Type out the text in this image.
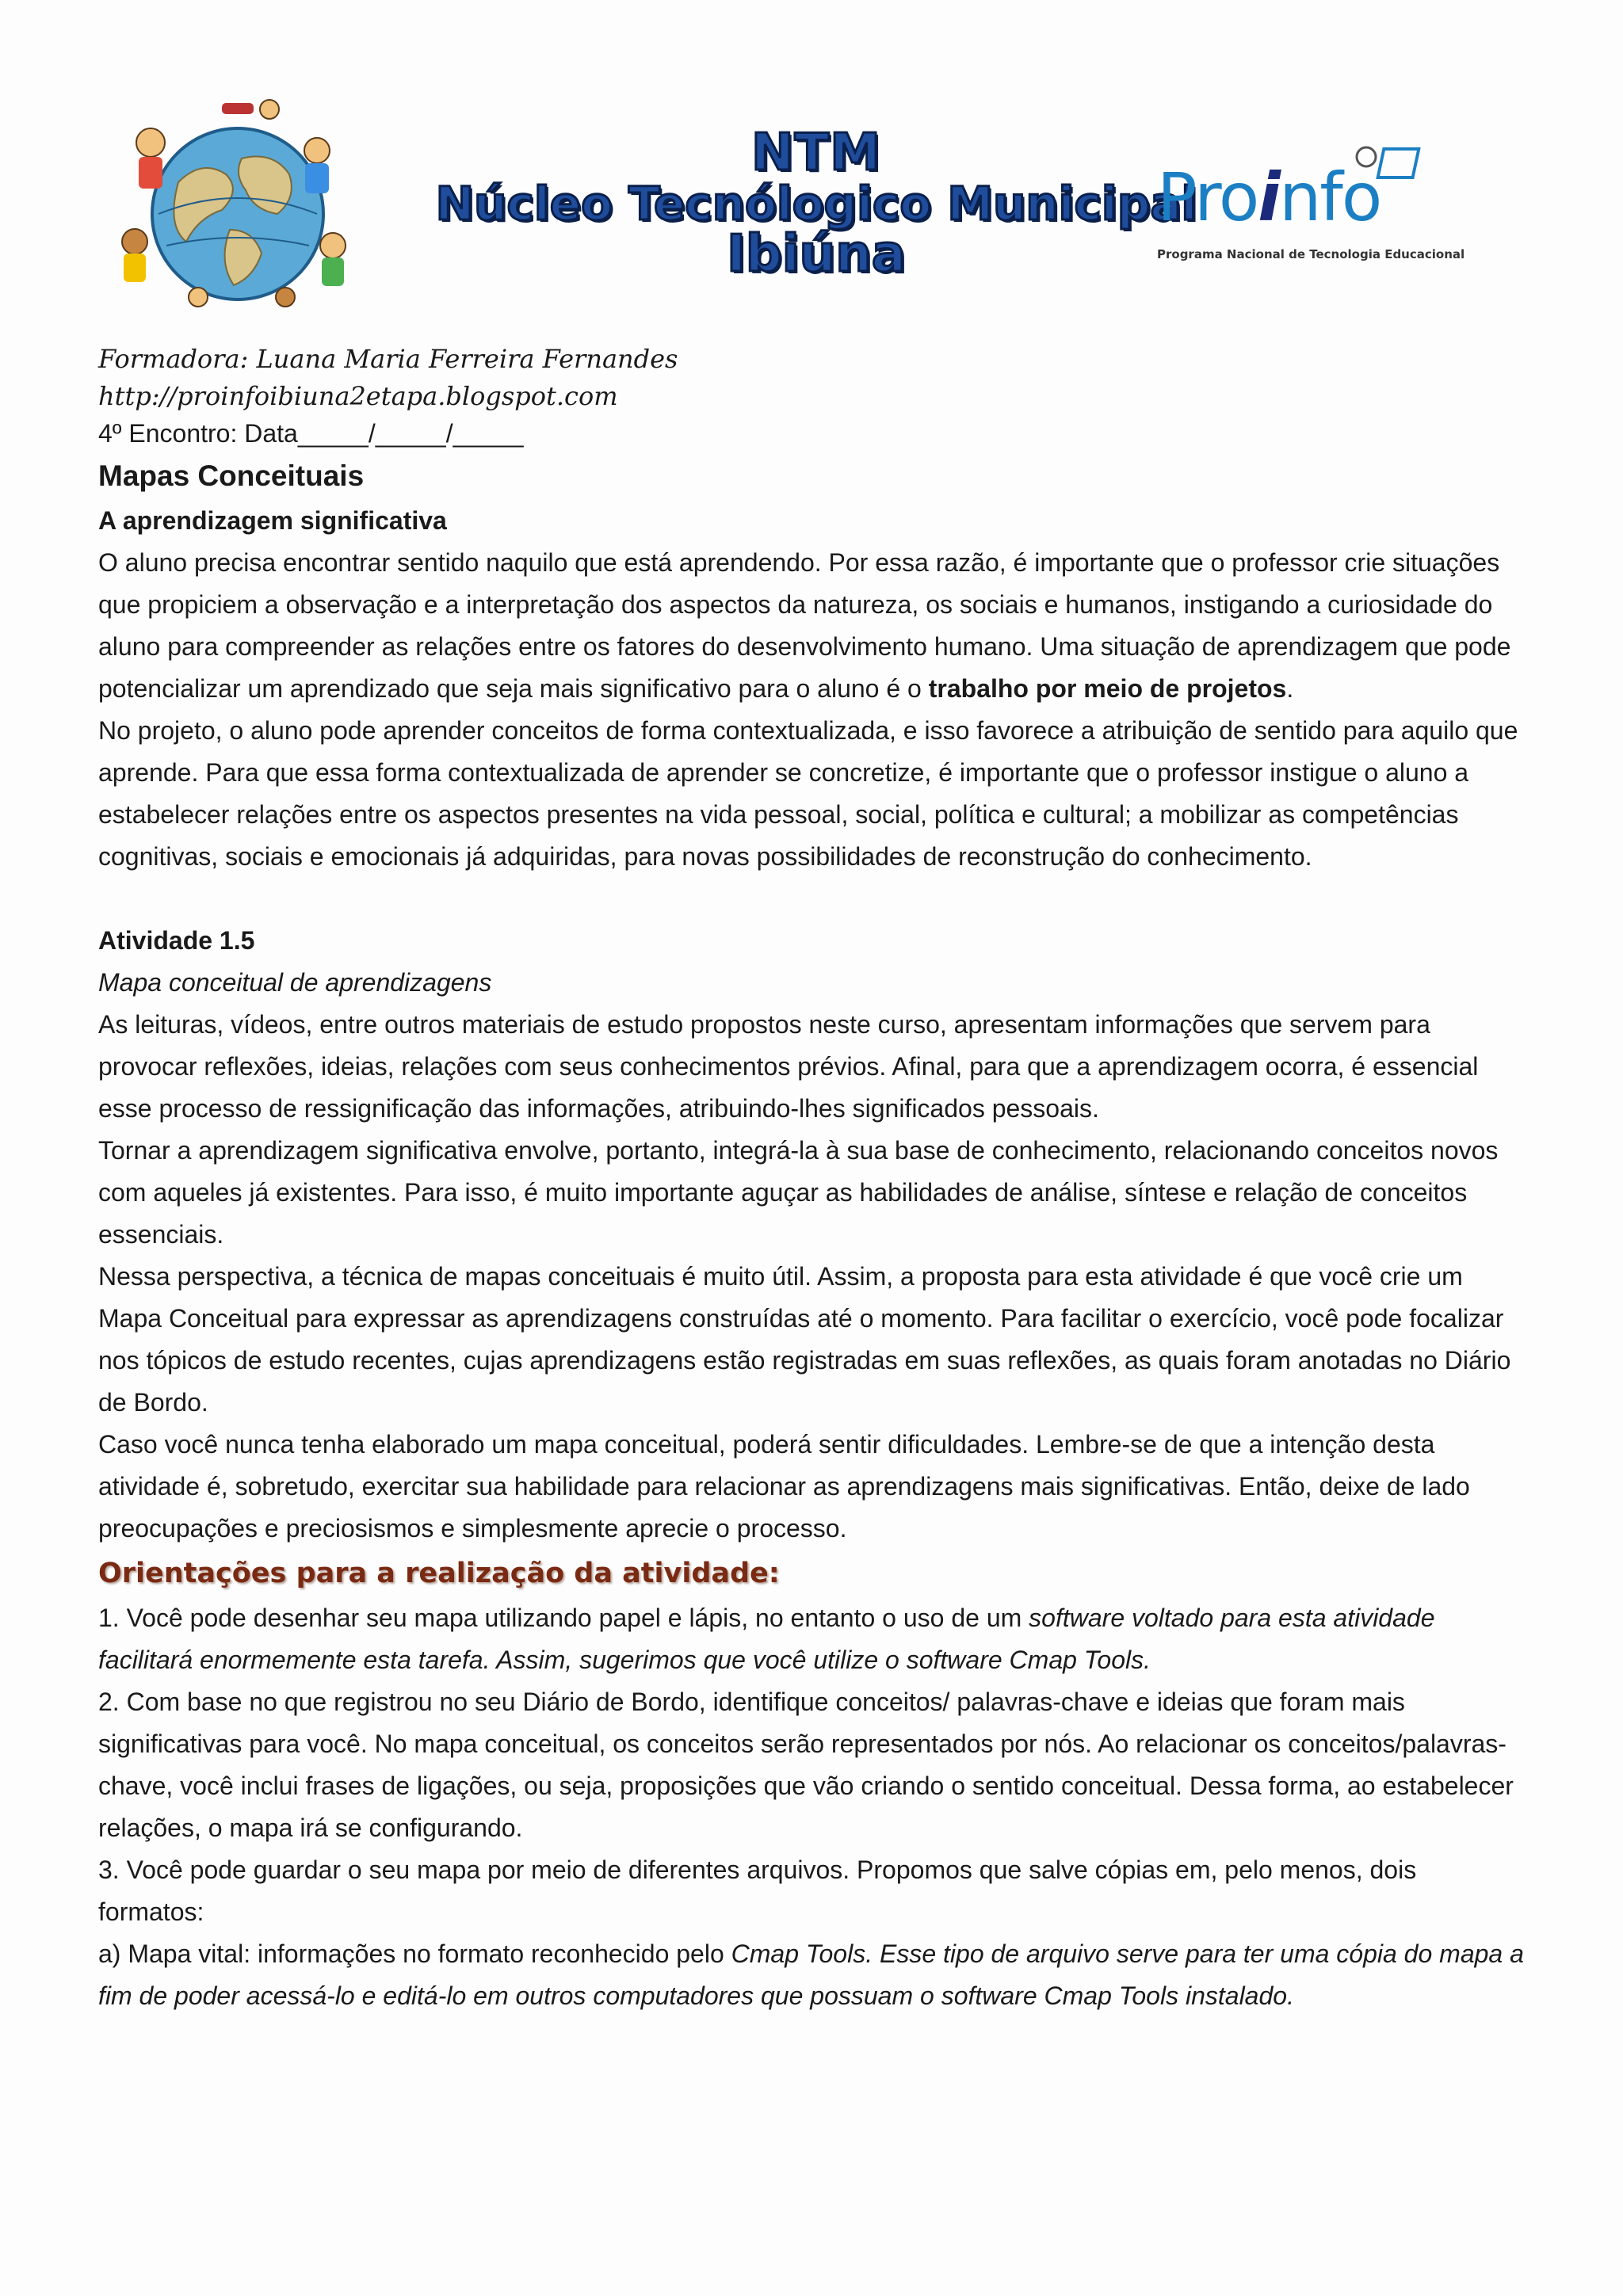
NTM
Núcleo Tecnólogico Municipal
Ibiúna
Proinfo
Programa Nacional de Tecnologia Educacional

Formadora: Luana Maria Ferreira Fernandes

http://proinfoibiuna2etapa.blogspot.com

4º Encontro: Data_____/_____/_____

Mapas Conceituais

A aprendizagem significativa

O aluno precisa encontrar sentido naquilo que está aprendendo. Por essa razão, é importante que o professor crie situações que propiciem a observação e a interpretação dos aspectos da natureza, os sociais e humanos, instigando a curiosidade do aluno para compreender as relações entre os fatores do desenvolvimento humano. Uma situação de aprendizagem que pode potencializar um aprendizado que seja mais significativo para o aluno é o trabalho por meio de projetos.

No projeto, o aluno pode aprender conceitos de forma contextualizada, e isso favorece a atribuição de sentido para aquilo que aprende. Para que essa forma contextualizada de aprender se concretize, é importante que o professor instigue o aluno a estabelecer relações entre os aspectos presentes na vida pessoal, social, política e cultural; a mobilizar as competências cognitivas, sociais e emocionais já adquiridas, para novas possibilidades de reconstrução do conhecimento.

Atividade 1.5

Mapa conceitual de aprendizagens

As leituras, vídeos, entre outros materiais de estudo propostos neste curso, apresentam informações que servem para provocar reflexões, ideias, relações com seus conhecimentos prévios. Afinal, para que a aprendizagem ocorra, é essencial esse processo de ressignificação das informações, atribuindo-lhes significados pessoais.

Tornar a aprendizagem significativa envolve, portanto, integrá-la à sua base de conhecimento, relacionando conceitos novos com aqueles já existentes. Para isso, é muito importante aguçar as habilidades de análise, síntese e relação de conceitos essenciais.

Nessa perspectiva, a técnica de mapas conceituais é muito útil. Assim, a proposta para esta atividade é que você crie um Mapa Conceitual para expressar as aprendizagens construídas até o momento. Para facilitar o exercício, você pode focalizar nos tópicos de estudo recentes, cujas aprendizagens estão registradas em suas reflexões, as quais foram anotadas no Diário de Bordo.

Caso você nunca tenha elaborado um mapa conceitual, poderá sentir dificuldades. Lembre-se de que a intenção desta atividade é, sobretudo, exercitar sua habilidade para relacionar as aprendizagens mais significativas. Então, deixe de lado preocupações e preciosismos e simplesmente aprecie o processo.

Orientações para a realização da atividade:

1. Você pode desenhar seu mapa utilizando papel e lápis, no entanto o uso de um software voltado para esta atividade facilitará enormemente esta tarefa. Assim, sugerimos que você utilize o software Cmap Tools.

2. Com base no que registrou no seu Diário de Bordo, identifique conceitos/ palavras-chave e ideias que foram mais significativas para você. No mapa conceitual, os conceitos serão representados por nós. Ao relacionar os conceitos/palavras-chave, você inclui frases de ligações, ou seja, proposições que vão criando o sentido conceitual. Dessa forma, ao estabelecer relações, o mapa irá se configurando.

3. Você pode guardar o seu mapa por meio de diferentes arquivos. Propomos que salve cópias em, pelo menos, dois formatos:

a) Mapa vital: informações no formato reconhecido pelo Cmap Tools. Esse tipo de arquivo serve para ter uma cópia do mapa a fim de poder acessá-lo e editá-lo em outros computadores que possuam o software Cmap Tools instalado.
